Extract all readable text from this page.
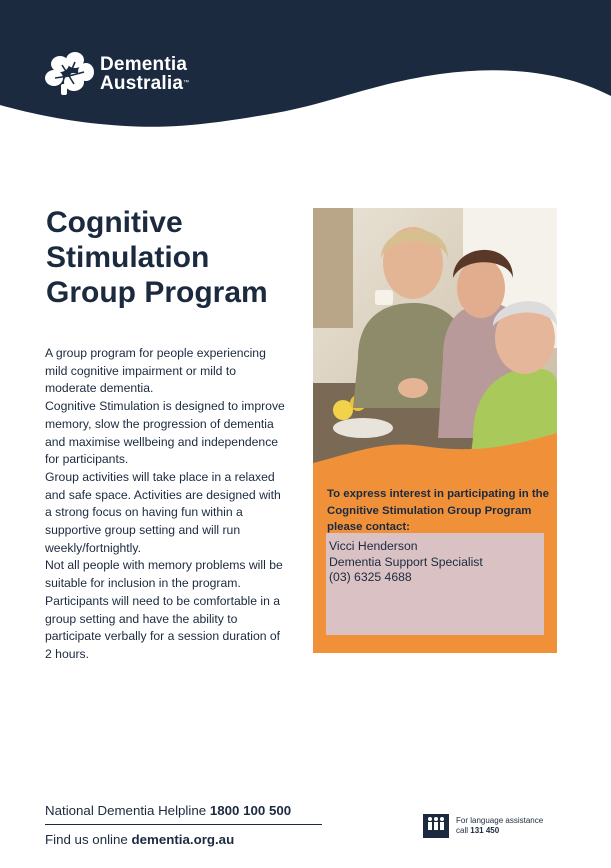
Dementia
Australia™
Cognitive
Stimulation
Group Program

A group program for people experiencing mild cognitive impairment or mild to moderate dementia.

Cognitive Stimulation is designed to improve memory, slow the progression of dementia and maximise wellbeing and independence for participants.

Group activities will take place in a relaxed and safe space. Activities are designed with a strong focus on having fun within a supportive group setting and will run weekly/fortnightly.

Not all people with memory problems will be suitable for inclusion in the program. Participants will need to be comfortable in a group setting and have the ability to participate verbally for a session duration of 2 hours.

To express interest in participating in the Cognitive Stimulation Group Program please contact:
Vicci Henderson
Dementia Support Specialist
(03) 6325 4688
National Dementia Helpline 1800 100 500
Find us online dementia.org.au
For language assistance
call 131 450
